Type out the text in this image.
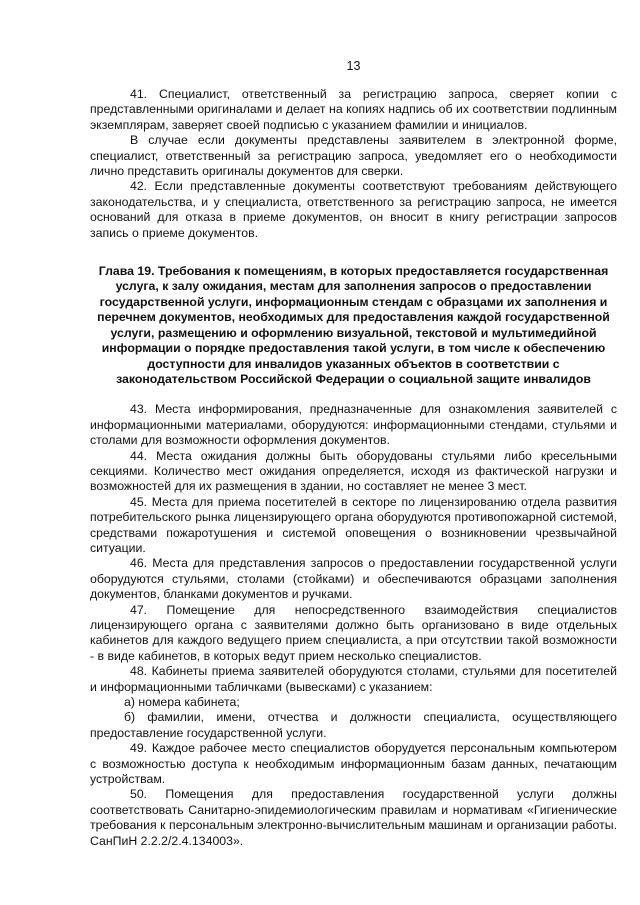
13

41. Специалист, ответственный за регистрацию запроса, сверяет копии с представленными оригиналами и делает на копиях надпись об их соответствии подлинным экземплярам, заверяет своей подписью с указанием фамилии и инициалов.

В случае если документы представлены заявителем в электронной форме, специалист, ответственный за регистрацию запроса, уведомляет его о необходимости лично представить оригиналы документов для сверки.

42. Если представленные документы соответствуют требованиям действующего законодательства, и у специалиста, ответственного за регистрацию запроса, не имеется оснований для отказа в приеме документов, он вносит в книгу регистрации запросов запись о приеме документов.

Глава 19. Требования к помещениям, в которых предоставляется государственная услуга, к залу ожидания, местам для заполнения запросов о предоставлении государственной услуги, информационным стендам с образцами их заполнения и перечнем документов, необходимых для предоставления каждой государственной услуги, размещению и оформлению визуальной, текстовой и мультимедийной информации о порядке предоставления такой услуги, в том числе к обеспечению доступности для инвалидов указанных объектов в соответствии с законодательством Российской Федерации о социальной защите инвалидов

43. Места информирования, предназначенные для ознакомления заявителей с информационными материалами, оборудуются: информационными стендами, стульями и столами для возможности оформления документов.

44. Места ожидания должны быть оборудованы стульями либо кресельными секциями. Количество мест ожидания определяется, исходя из фактической нагрузки и возможностей для их размещения в здании, но составляет не менее 3 мест.

45. Места для приема посетителей в секторе по лицензированию отдела развития потребительского рынка лицензирующего органа оборудуются противопожарной системой, средствами пожаротушения и системой оповещения о возникновении чрезвычайной ситуации.

46. Места для представления запросов о предоставлении государственной услуги оборудуются стульями, столами (стойками) и обеспечиваются образцами заполнения документов, бланками документов и ручками.

47. Помещение для непосредственного взаимодействия специалистов лицензирующего органа с заявителями должно быть организовано в виде отдельных кабинетов для каждого ведущего прием специалиста, а при отсутствии такой возможности - в виде кабинетов, в которых ведут прием несколько специалистов.

48. Кабинеты приема заявителей оборудуются столами, стульями для посетителей и информационными табличками (вывесками) с указанием:

а) номера кабинета;

б) фамилии, имени, отчества и должности специалиста, осуществляющего предоставление государственной услуги.

49. Каждое рабочее место специалистов оборудуется персональным компьютером с возможностью доступа к необходимым информационным базам данных, печатающим устройствам.

50. Помещения для предоставления государственной услуги должны соответствовать Санитарно-эпидемиологическим правилам и нормативам «Гигиенические требования к персональным электронно-вычислительным машинам и организации работы. СанПиН 2.2.2/2.4.134003».
